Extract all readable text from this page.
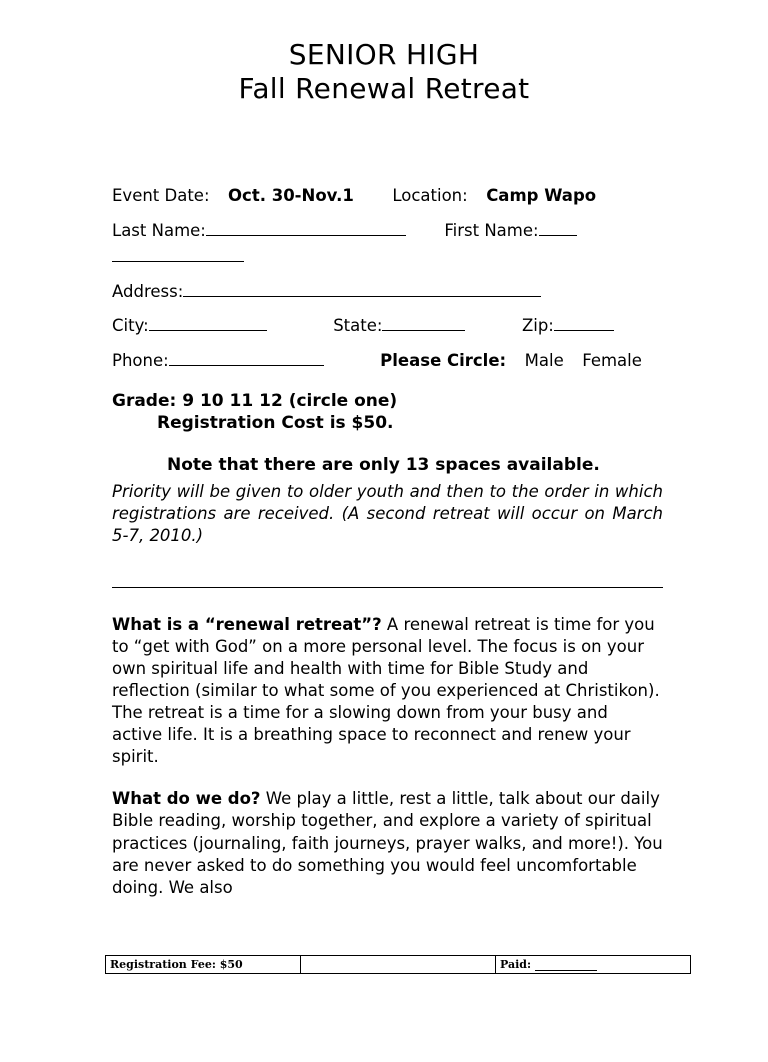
SENIOR HIGH
Fall Renewal Retreat
Event Date: Oct. 30-Nov.1 Location: Camp Wapo
Last Name:	First Name:
Address:
City:	State:	Zip:
Phone:	Please Circle: Male Female
Grade: 9 10 11 12 (circle one)
Registration Cost is $50.
Note that there are only 13 spaces available.
Priority will be given to older youth and then to the order in which registrations are received. (A second retreat will occur on March 5-7, 2010.)
What is a “renewal retreat”? A renewal retreat is time for you to “get with God” on a more personal level. The focus is on your own spiritual life and health with time for Bible Study and reflection (similar to what some of you experienced at Christikon). The retreat is a time for a slowing down from your busy and active life. It is a breathing space to reconnect and renew your spirit.
What do we do? We play a little, rest a little, talk about our daily Bible reading, worship together, and explore a variety of spiritual practices (journaling, faith journeys, prayer walks, and more!). You are never asked to do something you would feel uncomfortable doing. We also
Registration Fee: $50		Paid:
